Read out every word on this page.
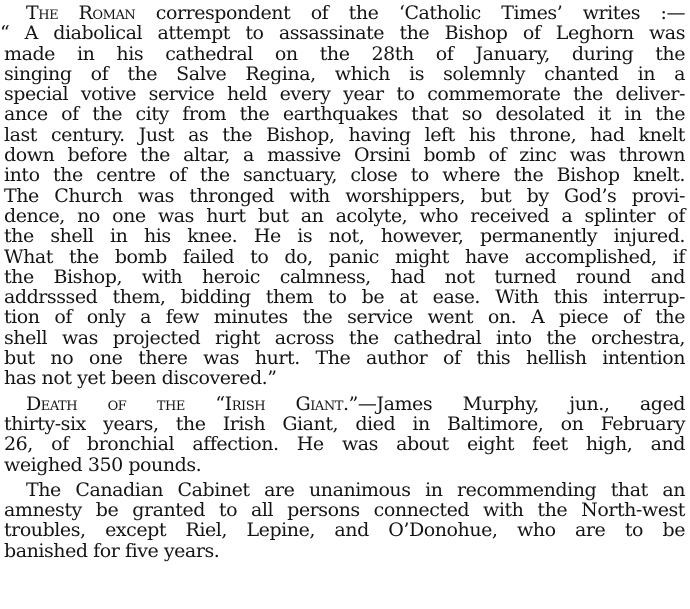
The Roman correspondent of the ‘Catholic Times’ writes :—
“ A diabolical attempt to assassinate the Bishop of Leghorn was
made in his cathedral on the 28th of January, during the
singing of the Salve Regina, which is solemnly chanted in a
special votive service held every year to commemorate the deliver-
ance of the city from the earthquakes that so desolated it in the
last century. Just as the Bishop, having left his throne, had knelt
down before the altar, a massive Orsini bomb of zinc was thrown
into the centre of the sanctuary, close to where the Bishop knelt.
The Church was thronged with worshippers, but by God’s provi-
dence, no one was hurt but an acolyte, who received a splinter of
the shell in his knee. He is not, however, permanently injured.
What the bomb failed to do, panic might have accomplished, if
the Bishop, with heroic calmness, had not turned round and
addrsssed them, bidding them to be at ease. With this interrup-
tion of only a few minutes the service went on. A piece of the
shell was projected right across the cathedral into the orchestra,
but no one there was hurt. The author of this hellish intention
has not yet been discovered.”

Death of the “Irish Giant.”—James Murphy, jun., aged
thirty-six years, the Irish Giant, died in Baltimore, on February
26, of bronchial affection. He was about eight feet high, and
weighed 350 pounds.

The Canadian Cabinet are unanimous in recommending that an
amnesty be granted to all persons connected with the North-west
troubles, except Riel, Lepine, and O’Donohue, who are to be
banished for five years.
